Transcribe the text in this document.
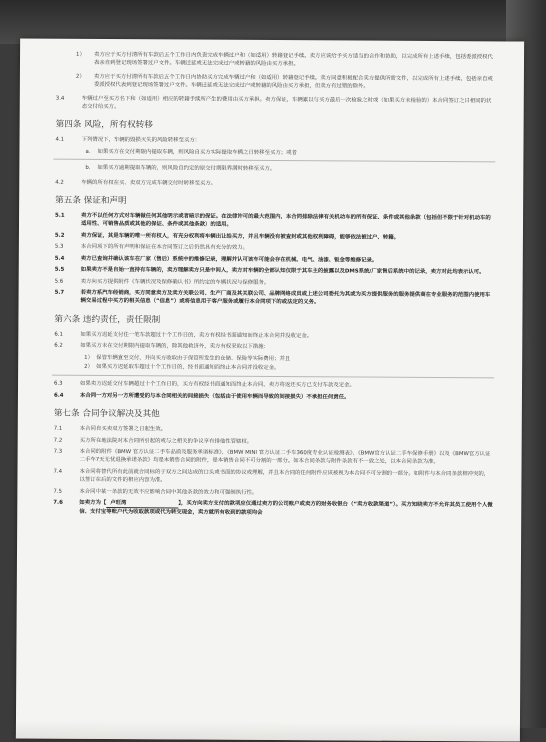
1） 卖方应于买方付清所有车款后五个工作日内负责完成车辆过户和（如适用）转籍登记手续。卖方应该给予买方适当的合作和协助，以完成所有上述手续，包括委派授权代表亲自到登记现场签署过户文件。车辆迁延或无法完成过户或转籍的风险由买方承担。
2） 卖方应于买方付清所有车款后五个工作日内协助买方完成车辆过户和（如适用）转籍登记手续。卖方同意积极配合卖方提供所需文件，以完成所有上述手续，包括亲自或委派授权代表到登记现场签署过户文件。车辆迁延或无法完成过户或转籍的风险由买方承担，但卖方有过错的除外。
3.4	车辆过户至买方名下和（如适用）相应的转籍手续所产生的费用由买方承担。卖方保证，车辆累以与买方最后一次检验之时或（如果买方未检验的）本合同签订之日相同的状态交付给买方。
第四条 风险，所有权转移
4.1	下列情况下，车辆的毁损灭失的风险转移至买方：
a. 如果买方在交付期限内提取车辆，则风险自买方实际提取车辆之日转移至买方；或者
b. 如果买方逾期提取车辆的，则风险自约定的原交付期限界满时转移至买方。
4.2	车辆的所有权在买、卖双方完成车辆交付时转移至买方。
第五条 保证和声明
5.1	卖方不以任何方式对车辆做任何其他明示或者暗示的保证。在法律许可的最大范围内，本合同排除法律有关机动车的所有保证、条件或其他条款（包括但不限于针对机动车的适用性、可销售品质或其他的保证、条件或其他条款）的适用。
5.2	卖方保证，其是车辆的唯一所有权人，有充分权利将车辆出让给买方，并且车辆没有被查封或其他权利障碍，能够依法被过户、转籍。
5.3	本合同项下的所有声明和保证在本合同签订之后仍然具有充分的效力。
5.4	卖方已查询并确认该车在厂家（售后）系统中的维修记录，理解并认可该车可能会存在机械、电气、油漆、钣金等维修记录。
5.5	如果卖方不是自始一直持有车辆的，卖方理解卖方只是中间人，卖方对车辆的全部认知仅限于其车主的披露以及DMS系统/厂家售后系统中的记录，卖方对此均表示认可。
5.6	卖方向买方提供附件《车辆状况及保修确认书》所约定的车辆状况与保修服务。
5.7	若卖方系汽车经销商，买方同意卖方及卖方关联公司、生产厂商及其关联公司、品牌网络成员或上述公司委托为其或为买方提供服务的服务提供商在专业服务的范围内使用车辆交易过程中买方的相关信息（“信息”）或将信息用于客户服务或履行本合同项下的或法定的义务。
第六条 违约责任，责任限制
6.1	如果买方迟延支付任一笔车款超过十个工作日的，卖方有权经书面通知而终止本合同并没收定金。
6.2	如果买方未在交付期限内提取车辆的，除其他救济外，卖方有权采取以下措施：
1） 保管车辆直至交付，并向买方收取由于保管所发生的仓储、保险等实际费用；并且
2） 如果买方迟延取车超过十个工作日的，经书面通知而终止本合同并没收定金。
6.3	如果卖方迟延交付车辆超过十个工作日的，买方有权经书面通知而终止本合同，卖方将返还买方已支付车款及定金。
6.4	本合同一方对另一方所遭受的与本合同相关的间接损失（包括由于使用车辆而导致的间接损失）不承担任何责任。
第七条 合同争议解决及其他
7.1	本合同自买卖双方签署之日起生效。
7.2	买方所在地法院对本合同所引起的或与之相关的争议享有排他性管辖权。
7.3	本合同的附件《BMW 官方认证二手车品质及服务承诺标准》、《BMW MINI 官方认证二手车360度专业认证检测表》、《BMW官方认证二手车保修手册》以及《BMW官方认证二手车7天无忧退换承诺条款》均是本销售合同的附件，是本销售合同不可分割的一部分。如本合同条款与附件条款有不一致之处，以本合同条款为准。
7.4	本合同将替代所有此前就合同标的于双方之间达成的口头或书面的协议或理解，并且本合同的任何附件应该被视为本合同不可分割的一部分。如附件与本合同条款相冲突的，以签订在后的文件的相应内容为准。
7.5	本合同中某一条款的无效不应影响合同中其他条款的效力和可强制执行性。
7.6	如卖方为【 卢旺湾	】，买方向卖方支付的款项应仅通过卖方的公司账户或卖方的财务收银台（“卖方收款渠道”）。买方知晓卖方不允许其员工使用个人微信、支付宝等账户代为收取款项或代为转交现金，卖方就所有收到的款项均会
